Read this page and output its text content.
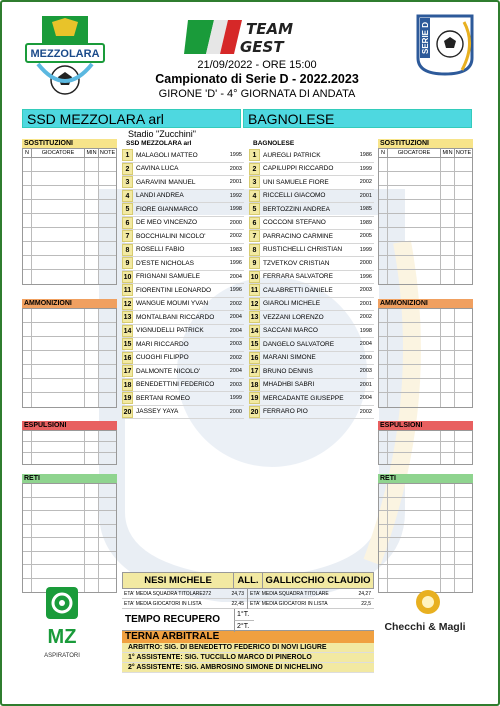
MEZZOLARA
TEAM
GEST	SERIE D
21/09/2022 - ORE 15:00
Campionato di Serie D - 2022.2023
GIRONE 'D' - 4° GIORNATA DI ANDATA
SSD MEZZOLARA arl	BAGNOLESE
Stadio "Zucchini"
SOSTITUZIONI
N	GIOCATORE	MIN NOTE
AMMONIZIONI
ESPULSIONI
RETI
SOSTITUZIONI
N	GIOCATORE	MIN NOTE
AMMONIZIONI
ESPULSIONI
RETI
SSD MEZZOLARA arl
1	MALAGOLI MATTEO	1995
2	CAVINA LUCA	2003
3	GARAVINI MANUEL	2001
4	LANDI ANDREA	1992
5	FIORE GIANMARCO	1998
6	DE MEO VINCENZO	2000
7	BOCCHIALINI NICOLO'	2002
8	ROSELLI FABIO	1983
9	D'ESTE NICHOLAS	1996
10 FRIGNANI SAMUELE	2004
11 FIORENTINI LEONARDO	1996
12 WANGUE MOUMI YVAN	2002
13 MONTALBANI RICCARDO	2004
14 VIGNUDELLI PATRICK	2004
15 MARI RICCARDO	2003
16 CUOGHI FILIPPO	2002
17 DALMONTE NICOLO'	2004
18 BENEDETTINI FEDERICO	2003
19 BERTANI ROMEO	1999
20 JASSEY YAYA	2000
BAGNOLESE
1	AUREGLI PATRICK	1986
2	CAPILUPPI RICCARDO	1999
3	UNI SAMUELE FIORE	2002
4	RICCELLI GIACOMO	2001
5	BERTOZZINI ANDREA	1985
6	COCCONI STEFANO	1989
7	PARRACINO CARMINE	2005
8	RUSTICHELLI CHRISTIAN	1999
9	TZVETKOV CRISTIAN	2000
10 FERRARA SALVATORE	1996
11 CALABRETTI DANIELE	2003
12 GIAROLI MICHELE	2001
13 VEZZANI LORENZO	2002
14 SACCANI MARCO	1998
15 DANGELO SALVATORE	2004
16 MARANI SIMONE	2000
17 BRUNO DENNIS	2003
18 MHADHBI SABRI	2001
19 MERCADANTE GIUSEPPE	2004
20 FERRARO PIO	2002
NESI MICHELE	ALL. GALLICCHIO CLAUDIO
ETA' MEDIA SQUADRA TITOLARE272	24,73
ETA' MEDIA GIOCATORI IN LISTA	22,45
ETA' MEDIA SQUADRA TITOLARE	24,27
ETA' MEDIA GIOCATORI IN LISTA	22,5
TEMPO RECUPERO	1°T.
2°T.
TERNA ARBITRALE
ARBITRO: SIG. DI BENEDETTO FEDERICO DI NOVI LIGURE
1° ASSISTENTE: SIG. TUCCILLO MARCO DI PINEROLO
2° ASSISTENTE: SIG. AMBROSINO SIMONE DI NICHELINO
MZ
ASPIRATORI
Checchi & Magli
